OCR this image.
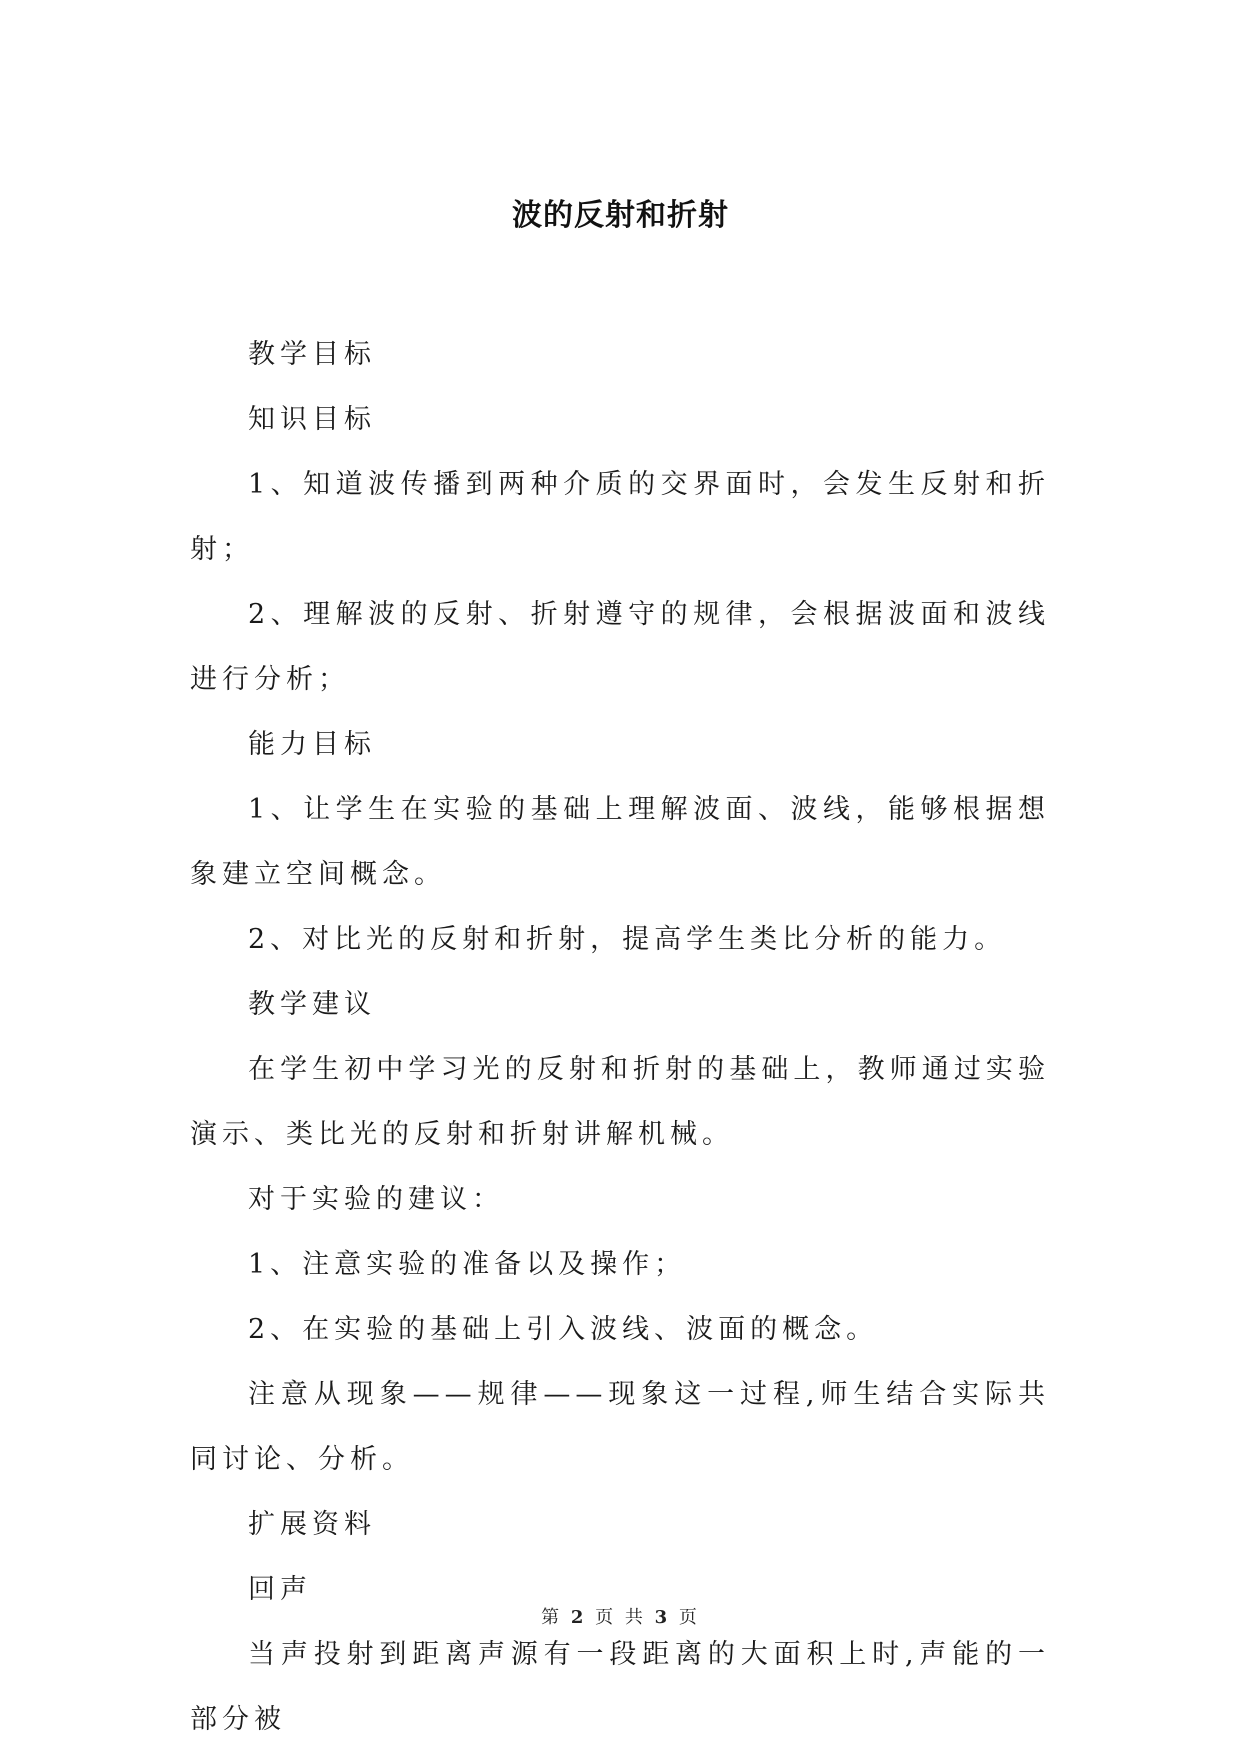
波的反射和折射

教学目标

知识目标

1、知道波传播到两种介质的交界面时，会发生反射和折射；

2、理解波的反射、折射遵守的规律，会根据波面和波线进行分析；

能力目标

1、让学生在实验的基础上理解波面、波线，能够根据想象建立空间概念。

2、对比光的反射和折射，提高学生类比分析的能力。

教学建议

在学生初中学习光的反射和折射的基础上，教师通过实验演示、类比光的反射和折射讲解机械。

对于实验的建议：

1、注意实验的准备以及操作；

2、在实验的基础上引入波线、波面的概念。

注意从现象——规律——现象这一过程,师生结合实际共同讨论、分析。

扩展资料

回声

当声投射到距离声源有一段距离的大面积上时,声能的一部分被

第 2 页 共 3 页
